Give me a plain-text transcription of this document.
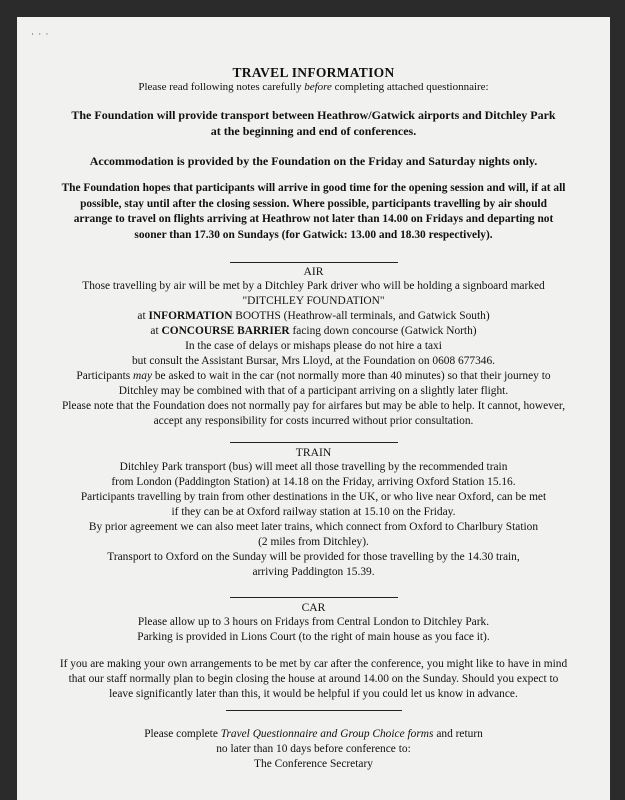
· · ·
TRAVEL INFORMATION
Please read following notes carefully before completing attached questionnaire:
The Foundation will provide transport between Heathrow/Gatwick airports and Ditchley Park
at the beginning and end of conferences.
Accommodation is provided by the Foundation on the Friday and Saturday nights only.
The Foundation hopes that participants will arrive in good time for the opening session and will, if at all
possible, stay until after the closing session. Where possible, participants travelling by air should
arrange to travel on flights arriving at Heathrow not later than 14.00 on Fridays and departing not
sooner than 17.30 on Sundays (for Gatwick: 13.00 and 18.30 respectively).
AIR
Those travelling by air will be met by a Ditchley Park driver who will be holding a signboard marked
"DITCHLEY FOUNDATION"
at INFORMATION BOOTHS (Heathrow-all terminals, and Gatwick South)
at CONCOURSE BARRIER facing down concourse (Gatwick North)
In the case of delays or mishaps please do not hire a taxi
but consult the Assistant Bursar, Mrs Lloyd, at the Foundation on 0608 677346.
Participants may be asked to wait in the car (not normally more than 40 minutes) so that their journey to
Ditchley may be combined with that of a participant arriving on a slightly later flight.
Please note that the Foundation does not normally pay for airfares but may be able to help. It cannot, however,
accept any responsibility for costs incurred without prior consultation.
TRAIN
Ditchley Park transport (bus) will meet all those travelling by the recommended train
from London (Paddington Station) at 14.18 on the Friday, arriving Oxford Station 15.16.
Participants travelling by train from other destinations in the UK, or who live near Oxford, can be met
if they can be at Oxford railway station at 15.10 on the Friday.
By prior agreement we can also meet later trains, which connect from Oxford to Charlbury Station
(2 miles from Ditchley).
Transport to Oxford on the Sunday will be provided for those travelling by the 14.30 train,
arriving Paddington 15.39.
CAR
Please allow up to 3 hours on Fridays from Central London to Ditchley Park.
Parking is provided in Lions Court (to the right of main house as you face it).
If you are making your own arrangements to be met by car after the conference, you might like to have in mind
that our staff normally plan to begin closing the house at around 14.00 on the Sunday. Should you expect to
leave significantly later than this, it would be helpful if you could let us know in advance.
Please complete Travel Questionnaire and Group Choice forms and return
no later than 10 days before conference to:
The Conference Secretary
